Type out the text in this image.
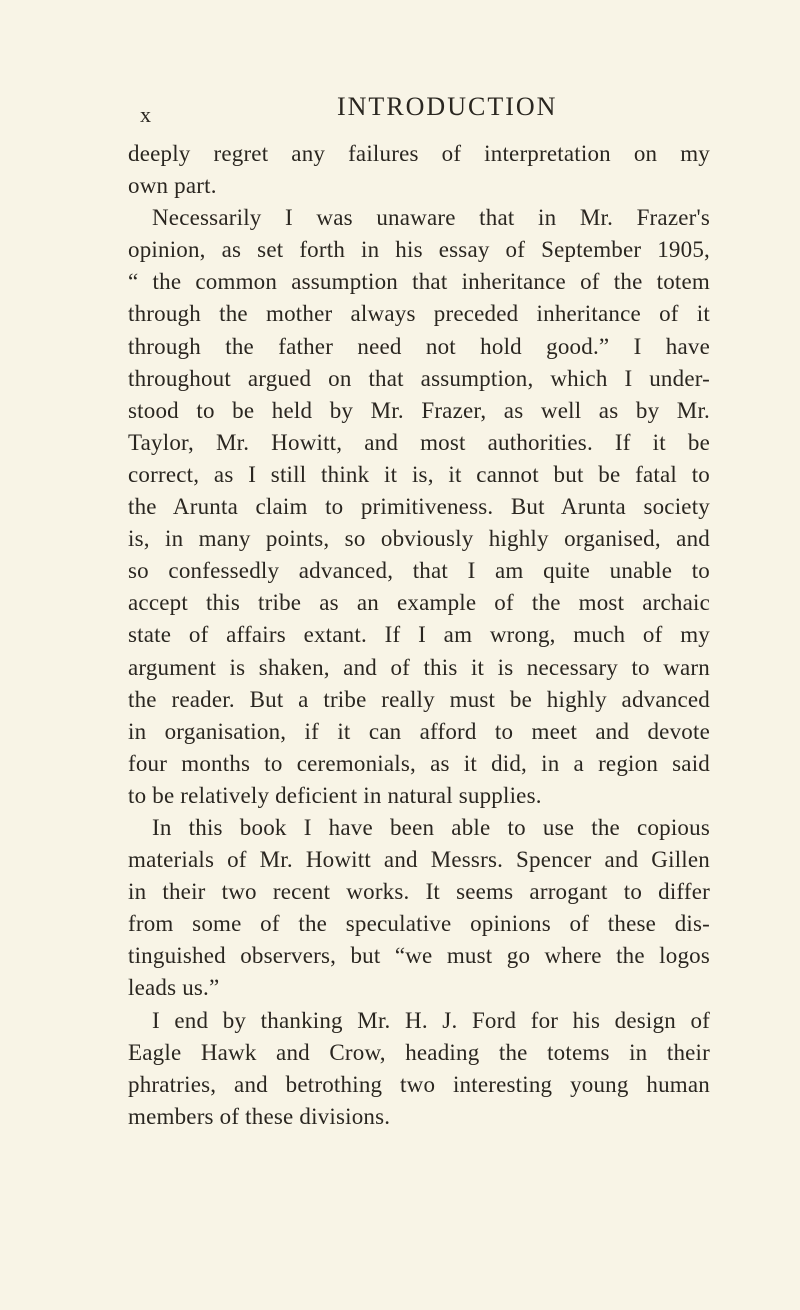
x	INTRODUCTION
deeply regret any failures of interpretation on my
own part.
Necessarily I was unaware that in Mr. Frazer's
opinion, as set forth in his essay of September 1905,
“ the common assumption that inheritance of the totem
through the mother always preceded inheritance of it
through the father need not hold good.” I have
throughout argued on that assumption, which I under-
stood to be held by Mr. Frazer, as well as by Mr.
Taylor, Mr. Howitt, and most authorities. If it be
correct, as I still think it is, it cannot but be fatal to
the Arunta claim to primitiveness. But Arunta society
is, in many points, so obviously highly organised, and
so confessedly advanced, that I am quite unable to
accept this tribe as an example of the most archaic
state of affairs extant. If I am wrong, much of my
argument is shaken, and of this it is necessary to warn
the reader. But a tribe really must be highly advanced
in organisation, if it can afford to meet and devote
four months to ceremonials, as it did, in a region said
to be relatively deficient in natural supplies.
In this book I have been able to use the copious
materials of Mr. Howitt and Messrs. Spencer and Gillen
in their two recent works. It seems arrogant to differ
from some of the speculative opinions of these dis-
tinguished observers, but “we must go where the logos
leads us.”
I end by thanking Mr. H. J. Ford for his design of
Eagle Hawk and Crow, heading the totems in their
phratries, and betrothing two interesting young human
members of these divisions.
